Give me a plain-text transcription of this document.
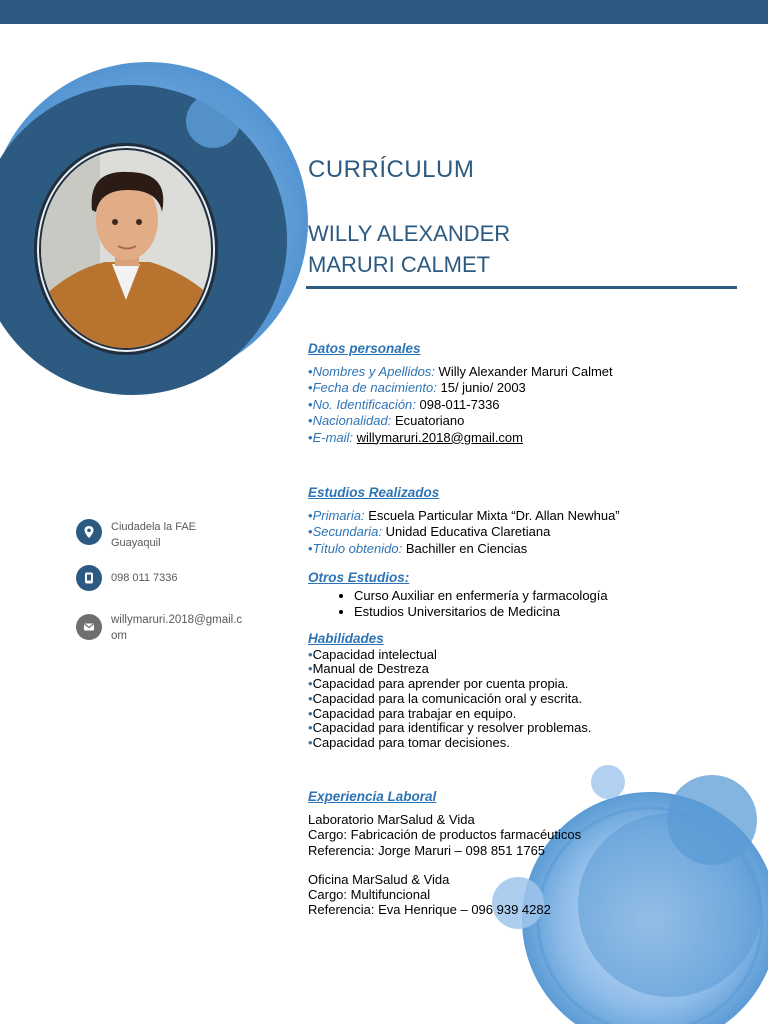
CURRÍCULUM
WILLY ALEXANDER
MARURI CALMET
Datos personales
•Nombres y Apellidos: Willy Alexander Maruri Calmet
•Fecha de nacimiento: 15/ junio/ 2003
•No. Identificación: 098-011-7336
•Nacionalidad: Ecuatoriano
•E-mail: willymaruri.2018@gmail.com
Estudios Realizados
•Primaria: Escuela Particular Mixta “Dr. Allan Newhua”
•Secundaria: Unidad Educativa Claretiana
•Título obtenido: Bachiller en Ciencias
Otros Estudios:
• Curso Auxiliar en enfermería y farmacología
• Estudios Universitarios de Medicina
Habilidades
•Capacidad intelectual
•Manual de Destreza
•Capacidad para aprender por cuenta propia.
•Capacidad para la comunicación oral y escrita.
•Capacidad para trabajar en equipo.
•Capacidad para identificar y resolver problemas.
•Capacidad para tomar decisiones.
Experiencia Laboral
Laboratorio MarSalud & Vida
Cargo: Fabricación de productos farmacéuticos
Referencia: Jorge Maruri – 098 851 1765
Oficina MarSalud & Vida
Cargo: Multifuncional
Referencia: Eva Henrique – 096 939 4282
Ciudadela la FAE
Guayaquil
098 011 7336
willymaruri.2018@gmail.c
om
